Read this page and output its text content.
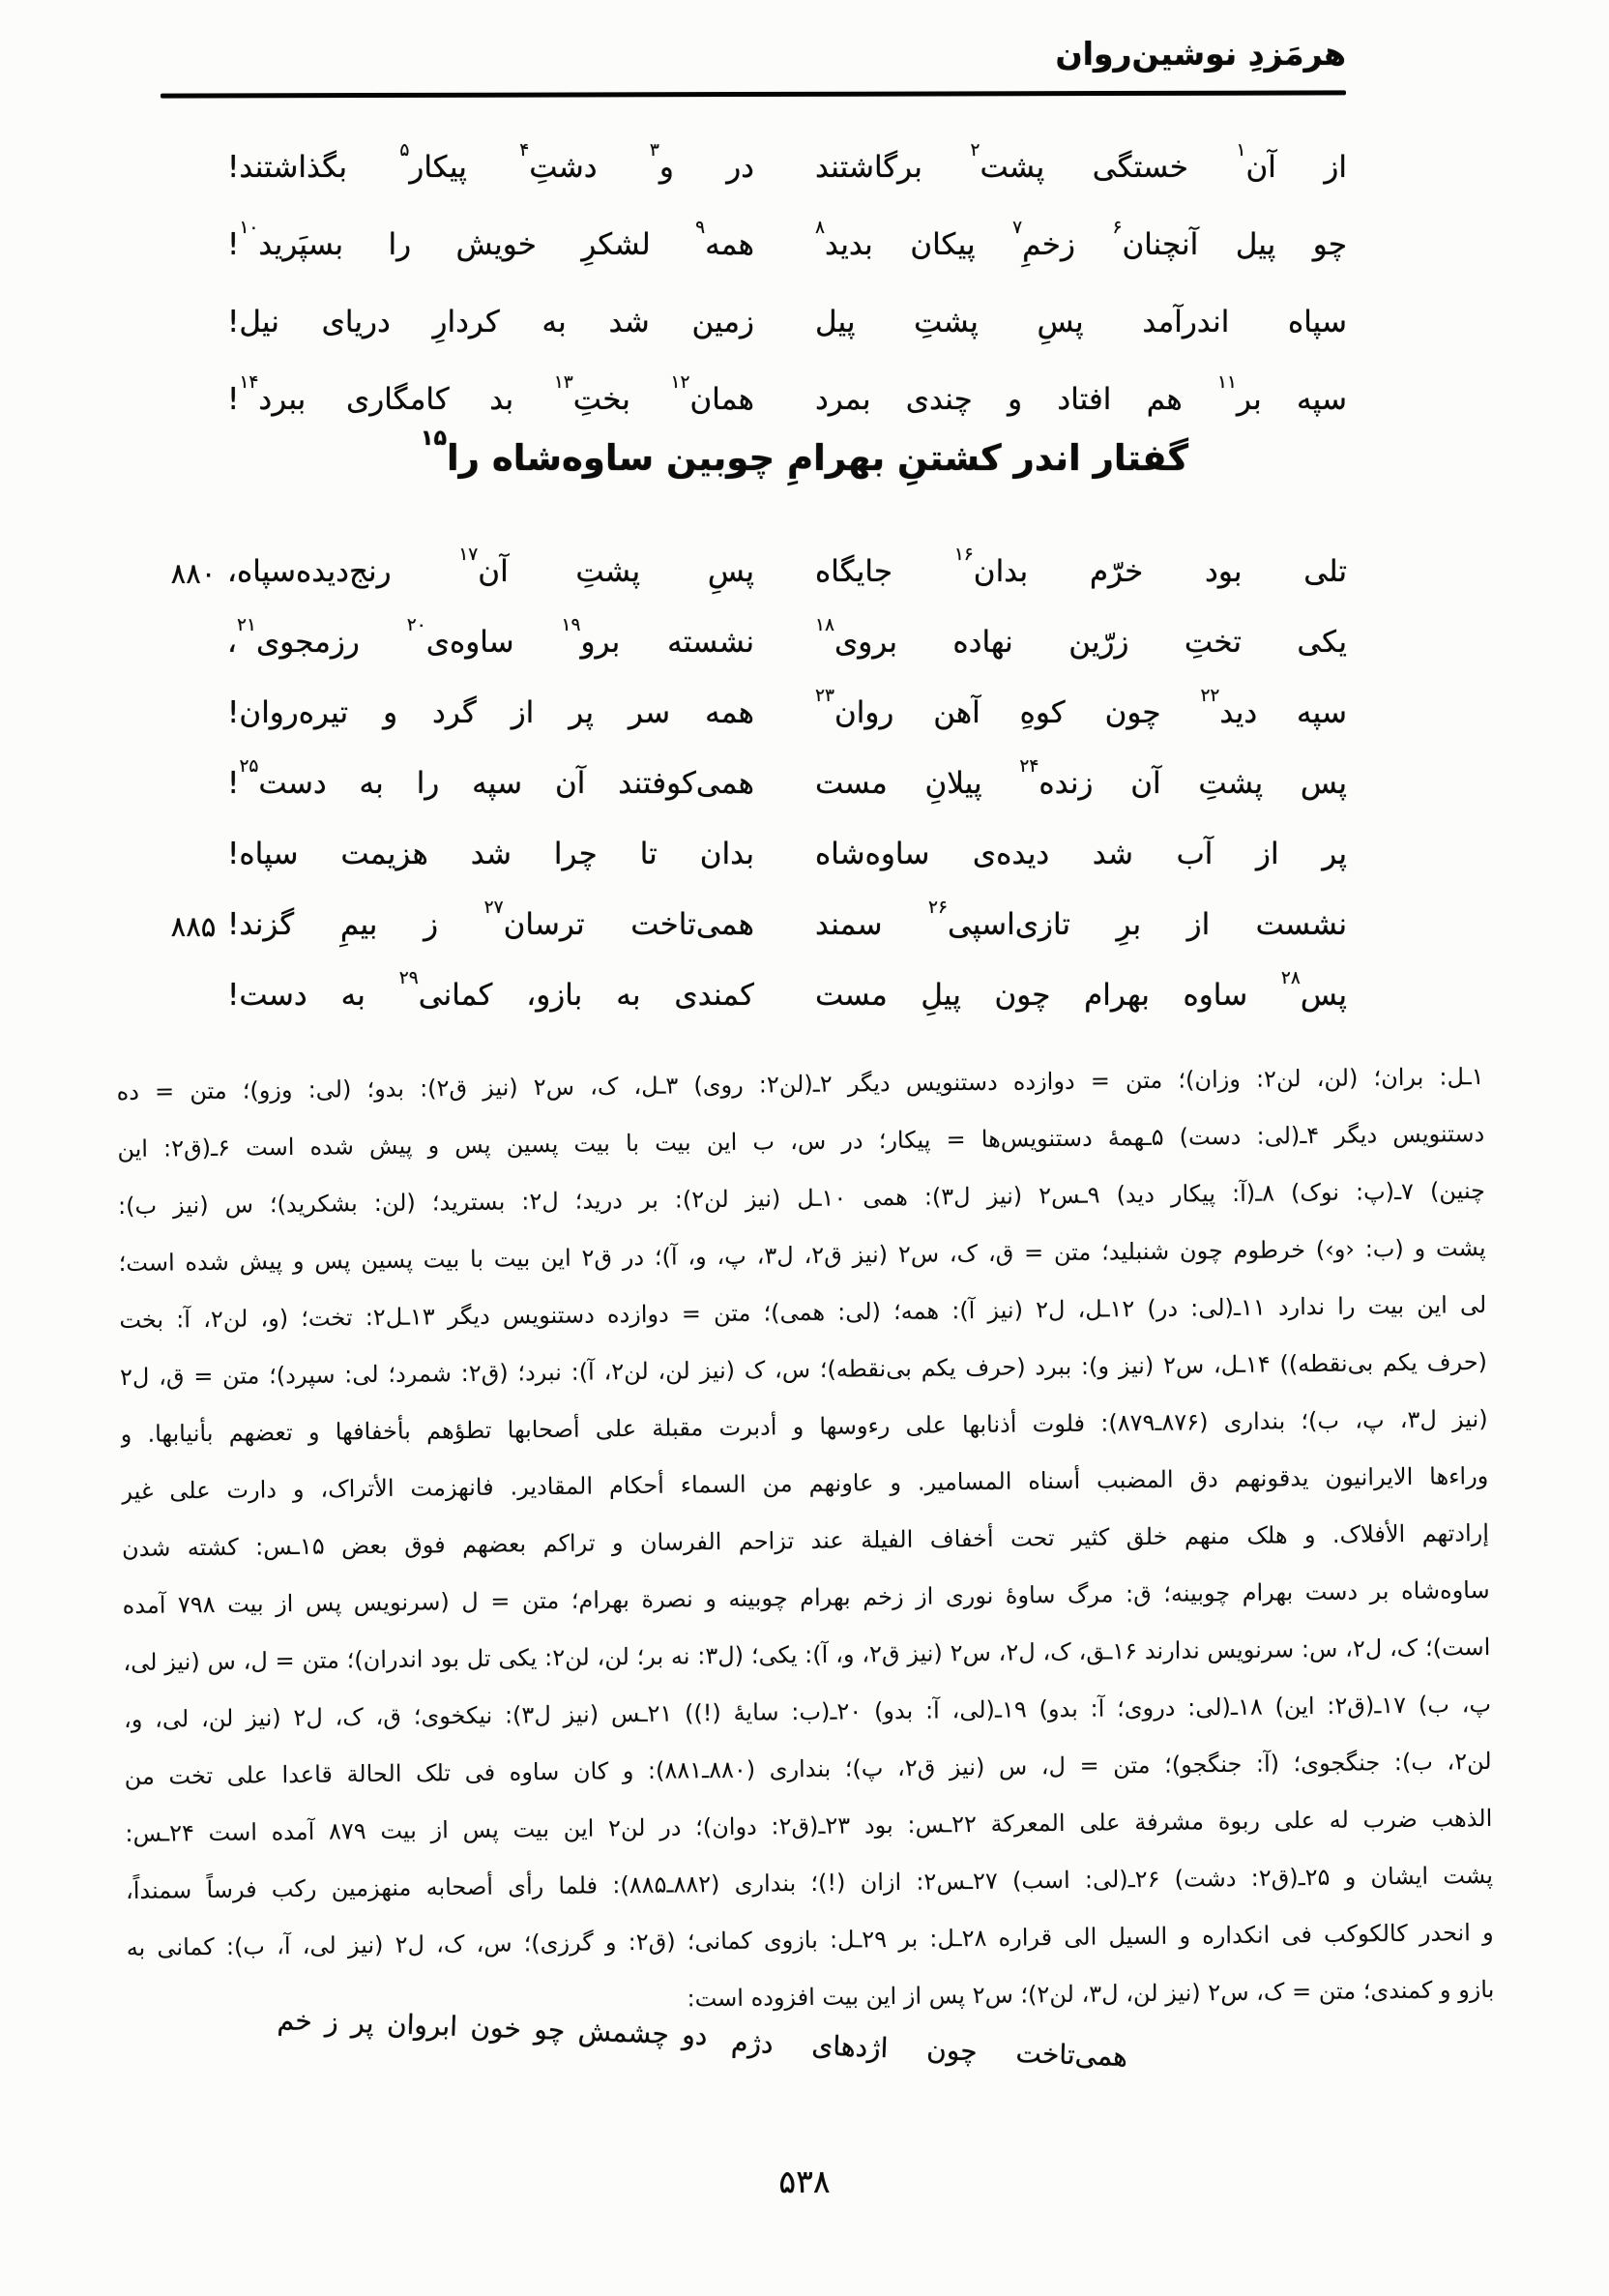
هرمَزدِ نوشین‌روان
از آن$^۱$ خستگی پشت$^۲$ برگاشتند
در و$^۳$ دشتِ$^۴$ پیکار$^۵$ بگذاشتند!
چو پیل آنچنان$^۶$ زخمِ$^۷$ پیکان بدید$^۸$
همه$^۹$ لشکرِ خویش را بسپَرید$^{۱۰}$!
سپاه اندرآمد پسِ پشتِ پیل
زمین شد به کردارِ دریای نیل!
سپه بر$^{۱۱}$ هم افتاد و چندی بمرد
همان$^{۱۲}$ بختِ$^{۱۳}$ بد کامگاری ببرد$^{۱۴}$!
گفتار اندر کشتنِ بهرامِ چوبین ساوه‌شاه را$^{۱۵}$
تلی بود خرّم بدان$^{۱۶}$ جایگاه
۸۸۰	پسِ پشتِ آن$^{۱۷}$ رنج‌دیده‌سپاه،
یکی تختِ زرّین نهاده بروی$^{۱۸}$
نشسته برو$^{۱۹}$ ساوه‌ی$^{۲۰}$ رزمجوی$^{۲۱}$،
سپه دید$^{۲۲}$ چون کوهِ آهن روان$^{۲۳}$
همه سر پر از گرد و تیره‌روان!
پس پشتِ آن زنده$^{۲۴}$ پیلانِ مست
همی‌کوفتند آن سپه را به دست$^{۲۵}$!
پر از آب شد دیده‌ی ساوه‌شاه
بدان تا چرا شد هزیمت سپاه!
نشست از برِ تازی‌اسپی$^{۲۶}$ سمند
۸۸۵	همی‌تاخت ترسان$^{۲۷}$ ز بیمِ گزند!
پس$^{۲۸}$ ساوه بهرام چون پیلِ مست
کمندی به بازو، کمانی$^{۲۹}$ به دست!
۱ـل: بران؛ (لن، لن۲: وزان)؛ متن = دوازده دستنویس دیگر ۲ـ(لن۲: روی) ۳ـل، ک، س۲ (نیز ق۲): بدو؛ (لی: وزو)؛ متن = ده
دستنویس دیگر ۴ـ(لی: دست) ۵ـهمهٔ دستنویس‌ها = پیکار؛ در س، ب این بیت با بیت پسین پس و پیش شده است ۶ـ(ق۲: این
چنین) ۷ـ(پ: نوک) ۸ـ(آ: پیکار دید) ۹ـس۲ (نیز ل۳): همی ۱۰ـل (نیز لن۲): بر درید؛ ل۲: بسترید؛ (لن: بشکرید)؛ س (نیز ب):
پشت و (ب: ‹و›) خرطوم چون شنبلید؛ متن = ق، ک، س۲ (نیز ق۲، ل۳، پ، و، آ)؛ در ق۲ این بیت با بیت پسین پس و پیش شده است؛
لی این بیت را ندارد ۱۱ـ(لی: در) ۱۲ـل، ل۲ (نیز آ): همه؛ (لی: همی)؛ متن = دوازده دستنویس دیگر ۱۳ـل۲: تخت؛ (و، لن۲، آ: بخت
(حرف یکم بی‌نقطه)) ۱۴ـل، س۲ (نیز و): ببرد (حرف یکم بی‌نقطه)؛ س، ک (نیز لن، لن۲، آ): نبرد؛ (ق۲: شمرد؛ لی: سپرد)؛ متن = ق، ل۲
(نیز ل۳، پ، ب)؛ بنداری (۸۷۶ـ۸۷۹): فلوت أذنابها علی رءوسها و أدبرت مقبلة علی أصحابها تطؤهم بأخفافها و تعضهم بأنیابها. و
وراءها الایرانیون یدقونهم دق المضبب أسناه المسامیر. و عاونهم من السماء أحکام المقادیر. فانهزمت الأتراک، و دارت علی غیر
إرادتهم الأفلاک. و هلک منهم خلق کثیر تحت أخفاف الفیلة عند تزاحم الفرسان و تراکم بعضهم فوق بعض ۱۵ـس: کشته شدن
ساوه‌شاه بر دست بهرام چوبینه؛ ق: مرگ ساوهٔ نوری از زخم بهرام چوبینه و نصرة بهرام؛ متن = ل (سرنویس پس از بیت ۷۹۸ آمده
است)؛ ک، ل۲، س: سرنویس ندارند ۱۶ـق، ک، ل۲، س۲ (نیز ق۲، و، آ): یکی؛ (ل۳: نه بر؛ لن، لن۲: یکی تل بود اندران)؛ متن = ل، س (نیز لی،
پ، ب) ۱۷ـ(ق۲: این) ۱۸ـ(لی: دروی؛ آ: بدو) ۱۹ـ(لی، آ: بدو) ۲۰ـ(ب: سایهٔ (!)) ۲۱ـس (نیز ل۳): نیکخوی؛ ق، ک، ل۲ (نیز لن، لی، و،
لن۲، ب): جنگجوی؛ (آ: جنگجو)؛ متن = ل، س (نیز ق۲، پ)؛ بنداری (۸۸۰ـ۸۸۱): و کان ساوه فی تلک الحالة قاعدا علی تخت من
الذهب ضرب له علی ربوة مشرفة علی المعرکة ۲۲ـس: بود ۲۳ـ(ق۲: دوان)؛ در لن۲ این بیت پس از بیت ۸۷۹ آمده است ۲۴ـس:
پشت ایشان و ۲۵ـ(ق۲: دشت) ۲۶ـ(لی: اسب) ۲۷ـس۲: ازان (!)؛ بنداری (۸۸۲ـ۸۸۵): فلما رأی أصحابه منهزمین رکب فرساً سمنداً،
و انحدر کالکوکب فی انکداره و السیل الی قراره ۲۸ـل: بر ۲۹ـل: بازوی کمانی؛ (ق۲: و گرزی)؛ س، ک، ل۲ (نیز لی، آ، ب): کمانی به
بازو و کمندی؛ متن = ک، س۲ (نیز لن، ل۳، لن۲)؛ س۲ پس از این بیت افزوده است:
همی‌تاخت چون اژدهای دژم
دو چشمش چو خون ابروان پر ز خم
۵۳۸
